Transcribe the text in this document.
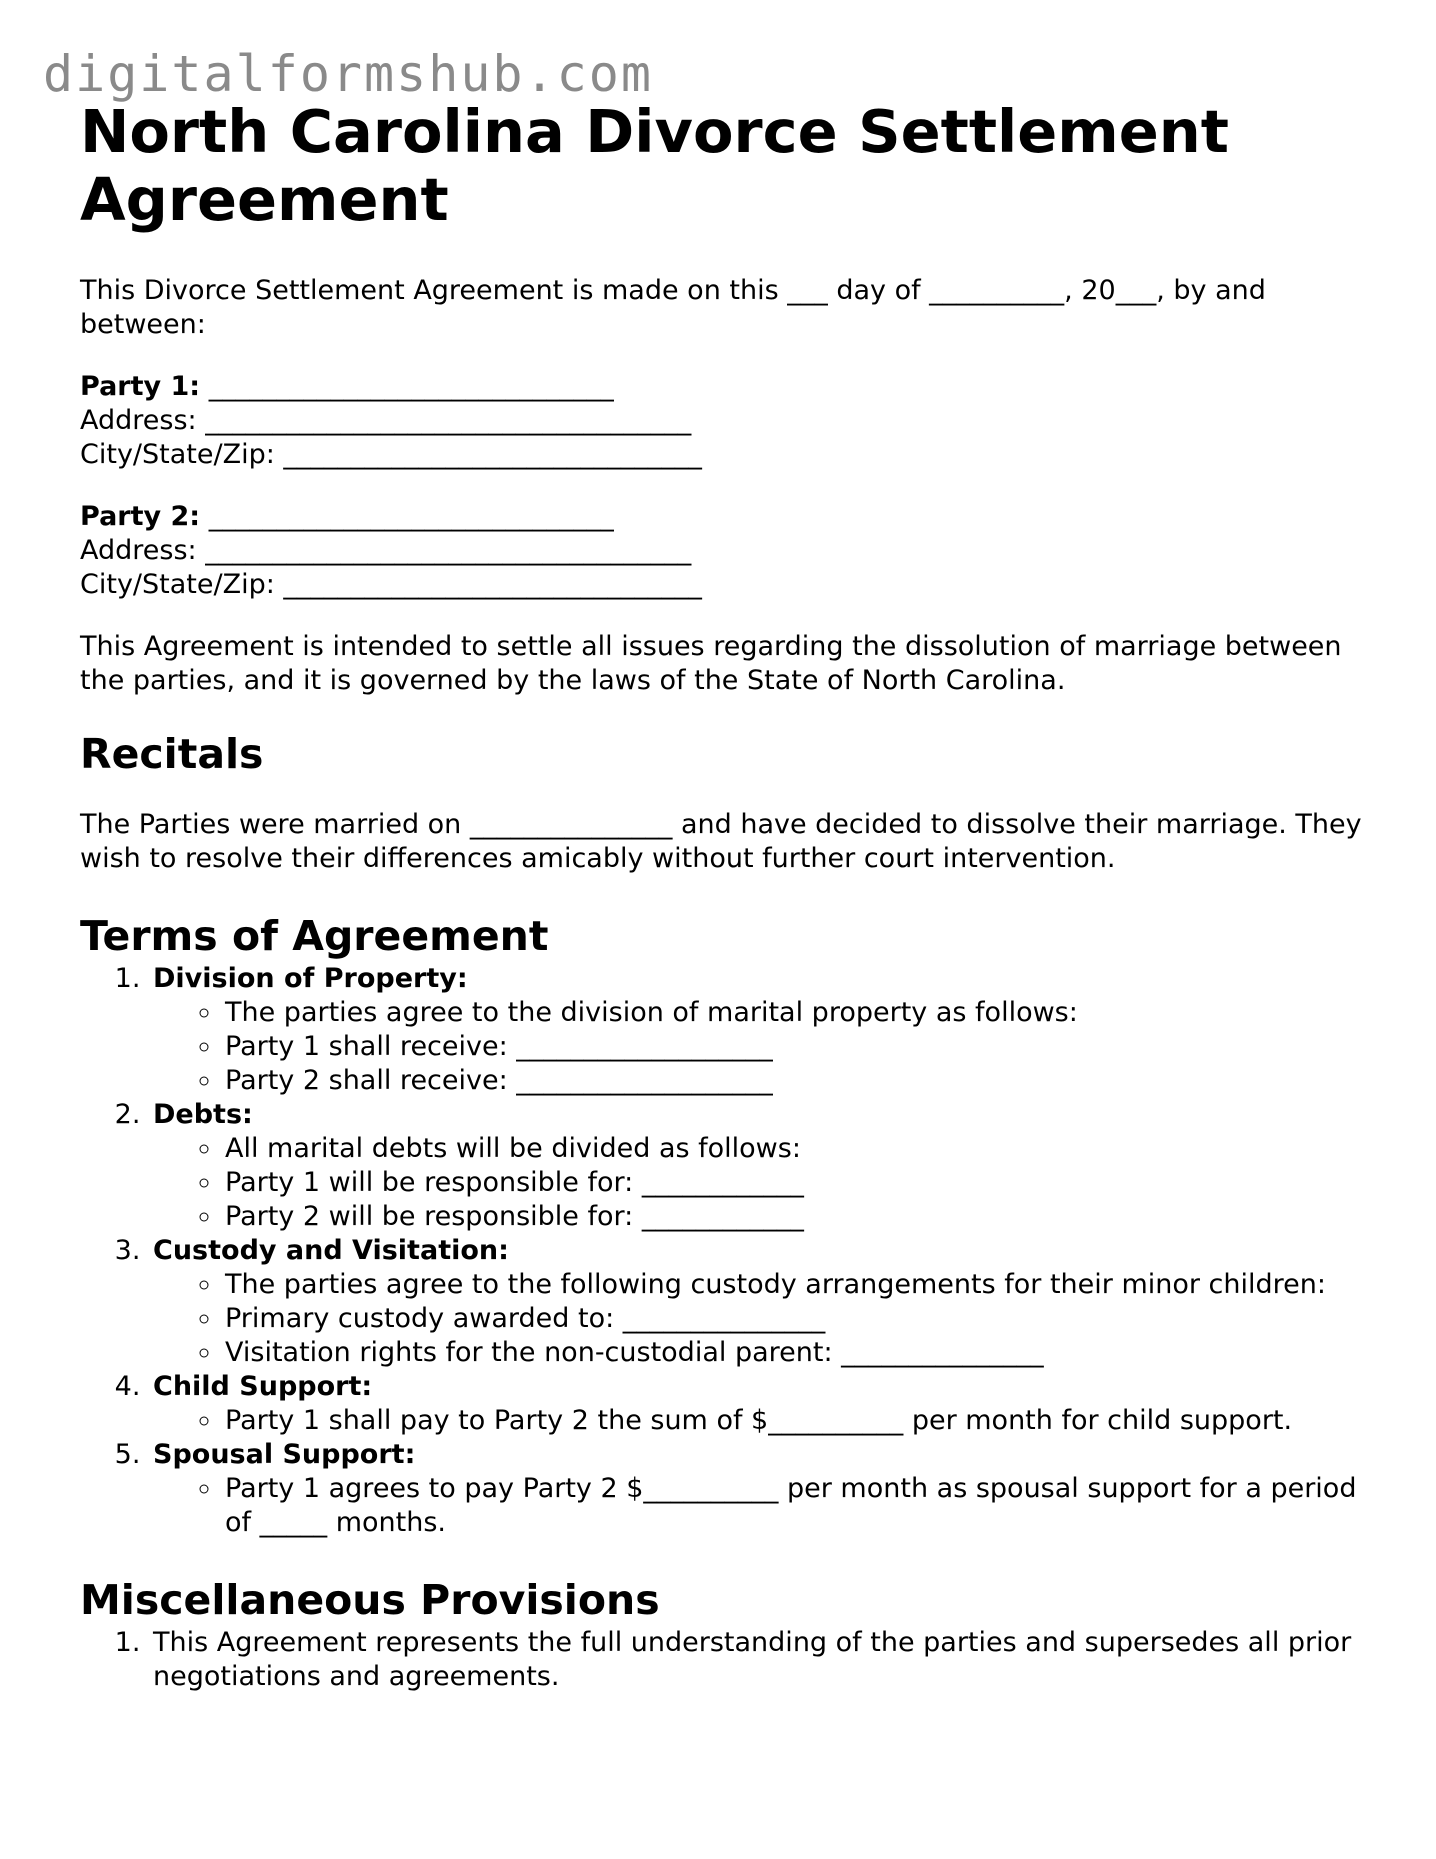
digitalformshub.com
North Carolina Divorce Settlement Agreement

This Divorce Settlement Agreement is made on this ___ day of __________, 20___, by and between:

Party 1: ______________________________

Address: ____________________________________

City/State/Zip: _______________________________

Party 2: ______________________________

Address: ____________________________________

City/State/Zip: _______________________________

This Agreement is intended to settle all issues regarding the dissolution of marriage between the parties, and it is governed by the laws of the State of North Carolina.

Recitals

The Parties were married on _______________ and have decided to dissolve their marriage. They wish to resolve their differences amicably without further court intervention.

Terms of Agreement
1. Division of Property:
◦ The parties agree to the division of marital property as follows:
◦ Party 1 shall receive: ___________________
◦ Party 2 shall receive: ___________________
2. Debts:
◦ All marital debts will be divided as follows:
◦ Party 1 will be responsible for: ____________
◦ Party 2 will be responsible for: ____________
3. Custody and Visitation:
◦ The parties agree to the following custody arrangements for their minor children:
◦ Primary custody awarded to: _______________
◦ Visitation rights for the non-custodial parent: _______________
4. Child Support:
◦ Party 1 shall pay to Party 2 the sum of $__________ per month for child support.
5. Spousal Support:
◦ Party 1 agrees to pay Party 2 $__________ per month as spousal support for a period of _____ months.
Miscellaneous Provisions
1. This Agreement represents the full understanding of the parties and supersedes all prior negotiations and agreements.
